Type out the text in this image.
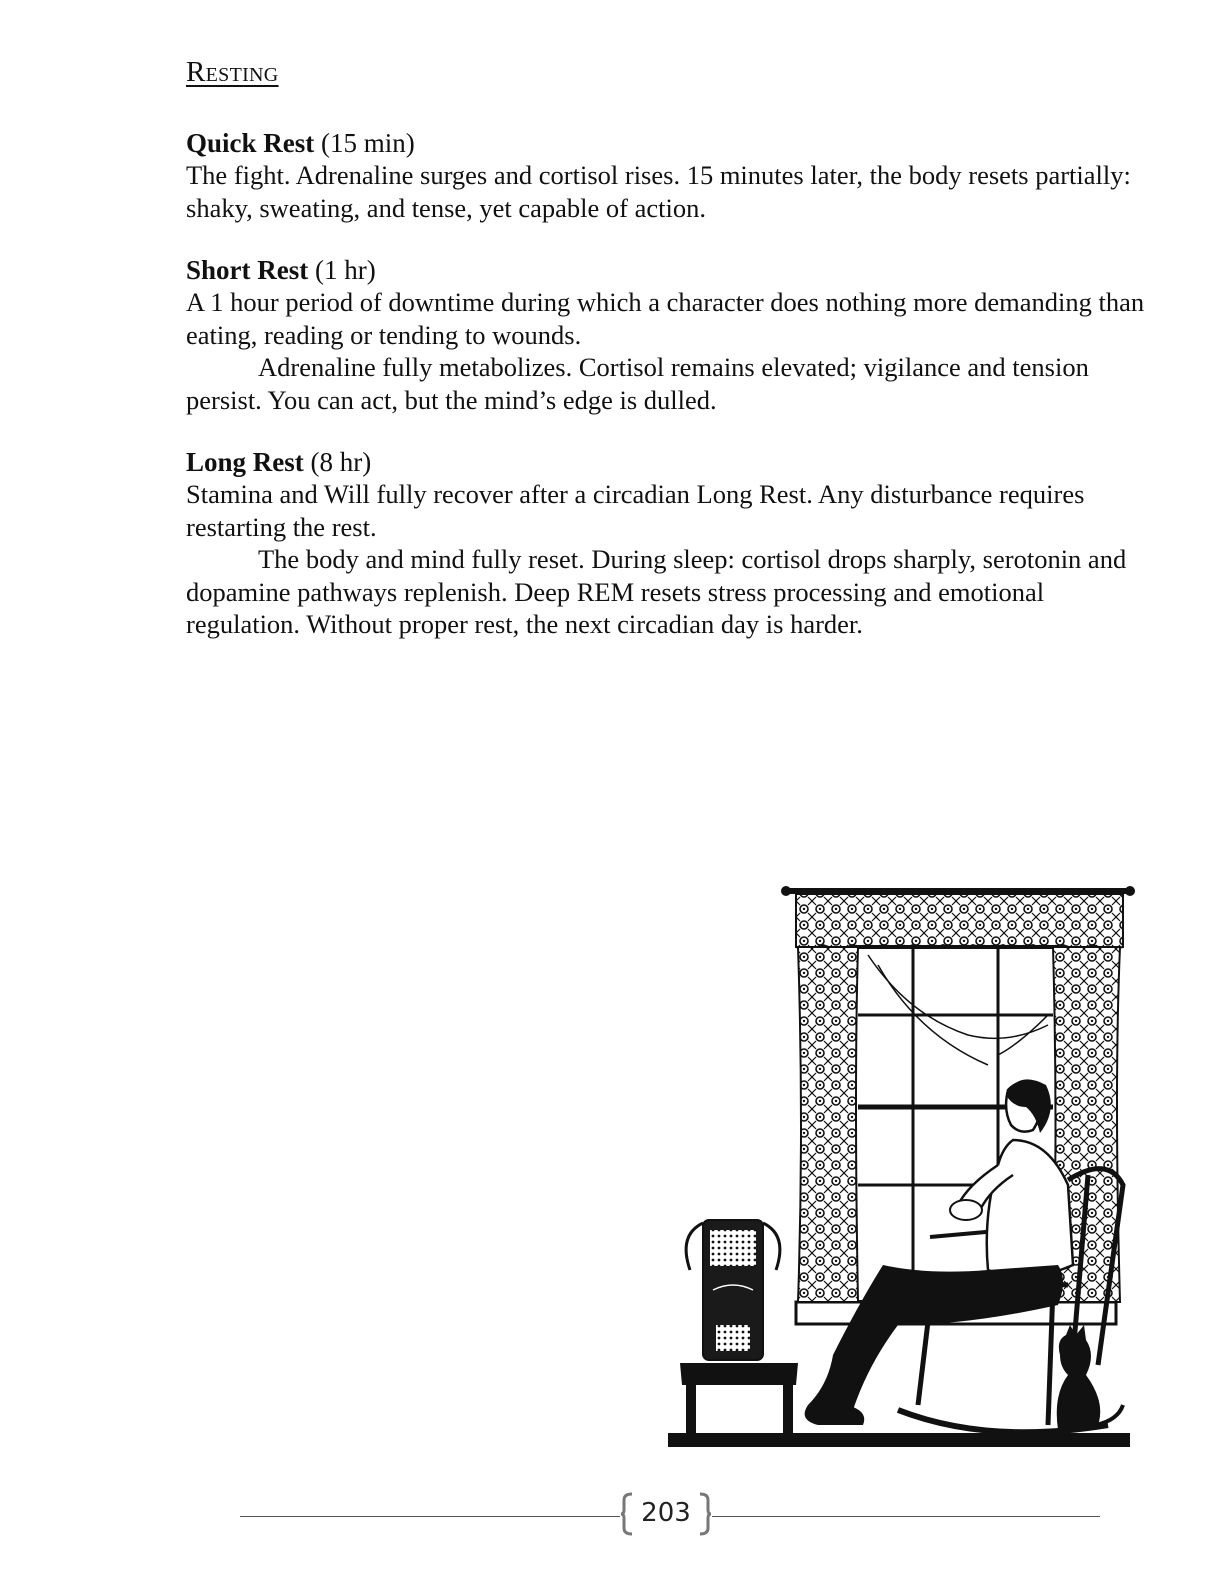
Resting

Quick Rest (15 min)

The fight. Adrenaline surges and cortisol rises. 15 minutes later, the body resets partially: shaky, sweating, and tense, yet capable of action.

Short Rest (1 hr)

A 1 hour period of downtime during which a character does nothing more demanding than eating, reading or tending to wounds.

Adrenaline fully metabolizes. Cortisol remains elevated; vigilance and tension persist. You can act, but the mind’s edge is dulled.

Long Rest (8 hr)

Stamina and Will fully recover after a circadian Long Rest. Any disturbance requires restarting the rest.

The body and mind fully reset. During sleep: cortisol drops sharply, serotonin and dopamine pathways replenish. Deep REM resets stress processing and emotional regulation. Without proper rest, the next circadian day is harder.

203
